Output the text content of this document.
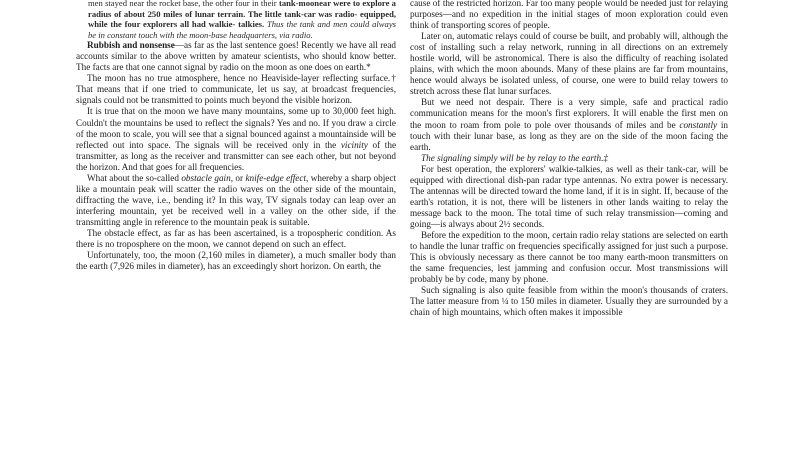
men stayed near the rocket base, the other four in their tank-moonear were to explore a radius of about 250 miles of lunar terrain. The little tank-car was radio- equipped, while the four explorers all had walkie- talkies. Thus the tank and men could always be in constant touch with the moon-base headquarters, via radio.

Rubbish and nonsense—as far as the last sentence goes! Recently we have all read accounts similar to the above written by amateur scientists, who should know better. The facts are that one cannot signal by radio on the moon as one does on earth.*

The moon has no true atmosphere, hence no Heaviside-layer reflecting surface.† That means that if one tried to communicate, let us say, at broadcast frequencies, signals could not be transmitted to points much beyond the visible horizon.

It is true that on the moon we have many mountains, some up to 30,000 feet high. Couldn't the mountains be used to reflect the signals? Yes and no. If you draw a circle of the moon to scale, you will see that a signal bounced against a mountainside will be reflected out into space. The signals will be received only in the vicinity of the transmitter, as long as the receiver and transmitter can see each other, but not beyond the horizon. And that goes for all frequencies.

What about the so-called obstacle gain, or knife-edge effect, whereby a sharp object like a mountain peak will scatter the radio waves on the other side of the mountain, diffracting the wave, i.e., bending it? In this way, TV signals today can leap over an interfering mountain, yet be received well in a valley on the other side, if the transmitting angle in reference to the mountain peak is suitable.

The obstacle effect, as far as has been ascertained, is a tropospheric condition. As there is no troposphere on the moon, we cannot depend on such an effect.

Unfortunately, too, the moon (2,160 miles in diameter), a much smaller body than the earth (7,926 miles in diameter), has an exceedingly short horizon. On earth, the

cause of the restricted horizon. Far too many people would be needed just for relaying purposes—and no expedition in the initial stages of moon exploration could even think of transporting scores of people.

Later on, automatic relays could of course be built, and probably will, although the cost of installing such a relay network, running in all directions on an extremely hostile world, will be astronomical. There is also the difficulty of reaching isolated plains, with which the moon abounds. Many of these plains are far from mountains, hence would always be isolated unless, of course, one were to build relay towers to stretch across these flat lunar surfaces.

But we need not despair. There is a very simple, safe and practical radio communication means for the moon's first explorers. It will enable the first men on the moon to roam from pole to pole over thousands of miles and be constantly in touch with their lunar base, as long as they are on the side of the moon facing the earth.

The signaling simply will be by relay to the earth.‡

For best operation, the explorers' walkie-talkies, as well as their tank-car, will be equipped with directional dish-pan radar type antennas. No extra power is necessary. The antennas will be directed toward the home land, if it is in sight. If, because of the earth's rotation, it is not, there will be listeners in other lands waiting to relay the message back to the moon. The total time of such relay transmission—coming and going—is always about 2½ seconds.

Before the expedition to the moon, certain radio relay stations are selected on earth to handle the lunar traffic on frequencies specifically assigned for just such a purpose. This is obviously necessary as there cannot be too many earth-moon transmitters on the same frequencies, lest jamming and confusion occur. Most transmissions will probably be by code, many by phone.

Such signaling is also quite feasible from within the moon's thousands of craters. The latter measure from ¼ to 150 miles in diameter. Usually they are surrounded by a chain of high mountains, which often makes it impossible
